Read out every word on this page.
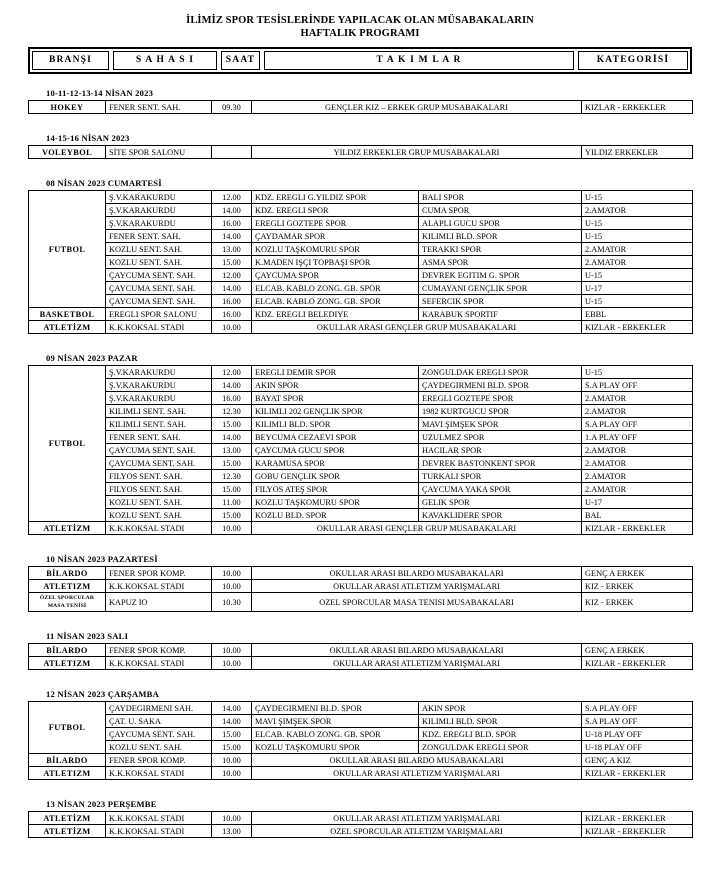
İLİMİZ SPOR TESİSLERİNDE YAPILACAK OLAN MÜSABAKALARIN
HAFTALIK PROGRAMI
BRANŞI	S A H A S I	SAAT	T A K I M L A R	KATEGORİSİ
10-11-12-13-14 NİSAN 2023
HOKEY	FENER SENT. SAH.	09.30	GENÇLER KIZ – ERKEK GRUP MUSABAKALARI	KIZLAR - ERKEKLER
14-15-16 NİSAN 2023
VOLEYBOL	SİTE SPOR SALONU		YILDIZ ERKEKLER GRUP MUSABAKALARI	YILDIZ ERKEKLER
08 NİSAN 2023 CUMARTESİ
FUTBOL	Ş.V.KARAKURDU	12.00	KDZ. EREGLI G.YILDIZ SPOR	BALI SPOR	U-15
	Ş.V.KARAKURDU	14.00	KDZ. EREGLI SPOR	CUMA SPOR	2.AMATOR
	Ş.V.KARAKURDU	16.00	EREGLI GOZTEPE SPOR	ALAPLI GUCU SPOR	U-15
	FENER SENT. SAH.	14.00	ÇAYDAMAR SPOR	KILIMLI BLD. SPOR	U-15
	KOZLU SENT. SAH.	13.00	KOZLU TAŞKOMURU SPOR	TERAKKI SPOR	2.AMATOR
	KOZLU SENT. SAH.	15.00	K.MADEN IŞÇI TOPBAŞI SPOR	ASMA SPOR	2.AMATOR
	ÇAYCUMA SENT. SAH.	12.00	ÇAYCUMA SPOR	DEVREK EGITIM G. SPOR	U-15
	ÇAYCUMA SENT. SAH.	14.00	ELCAB. KABLO ZONG. GB. SPOR	CUMAYANI GENÇLIK SPOR	U-17
	ÇAYCUMA SENT. SAH.	16.00	ELCAB. KABLO ZONG. GB. SPOR	SEFERCIK SPOR	U-15
BASKETBOL	EREGLI SPOR SALONU	16.00	KDZ. EREGLI BELEDIYE	KARABUK SPORTIF	EBBL
ATLETİZM	K.K.KOKSAL STADI	10.00	OKULLAR ARASI GENÇLER GRUP MUSABAKALARI		KIZLAR - ERKEKLER
09 NİSAN 2023 PAZAR
FUTBOL	Ş.V.KARAKURDU	12.00	EREGLI DEMIR SPOR	ZONGULDAK EREGLI SPOR	U-15
	Ş.V.KARAKURDU	14.00	AKIN SPOR	ÇAYDEGIRMENI BLD. SPOR	S.A PLAY OFF
	Ş.V.KARAKURDU	16.00	BAYAT SPOR	EREGLI GOZTEPE SPOR	2.AMATOR
	KILIMLI SENT. SAH.	12.30	KILIMLI 202 GENÇLIK SPOR	1982 KURTGUCU SPOR	2.AMATOR
	KILIMLI SENT. SAH.	15.00	KILIMLI BLD. SPOR	MAVI ŞIMŞEK SPOR	S.A PLAY OFF
	FENER SENT. SAH.	14.00	BEYCUMA CEZAEVI SPOR	UZULMEZ SPOR	1.A PLAY OFF
	ÇAYCUMA SENT. SAH.	13.00	ÇAYCUMA GUCU SPOR	HACILAR SPOR	2.AMATOR
	ÇAYCUMA SENT. SAH.	15.00	KARAMUSA SPOR	DEVREK BASTONKENT SPOR	2.AMATOR
	FILYOS SENT. SAH.	12.30	GOBU GENÇLIK SPOR	TURKALI SPOR	2.AMATOR
	FILYOS SENT. SAH.	15.00	FILYOS ATEŞ SPOR	ÇAYCUMA YAKA SPOR	2.AMATOR
	KOZLU SENT. SAH.	11.00	KOZLU TAŞKOMURU SPOR	GELIK SPOR	U-17
	KOZLU SENT. SAH.	15.00	KOZLU BLD. SPOR	KAVAKLIDERE SPOR	BAL
ATLETİZM	K.K.KOKSAL STADI	10.00	OKULLAR ARASI GENÇLER GRUP MUSABAKALARI		KIZLAR - ERKEKLER
10 NİSAN 2023 PAZARTESİ
BİLARDO	FENER SPOR KOMP.	10.00	OKULLAR ARASI BILARDO MUSABAKALARI	GENÇ A ERKEK
ATLETIZM	K.K.KOKSAL STADI	10.00	OKULLAR ARASI ATLETIZM YARIŞMALARI	KIZ - ERKEK
ÖZEL SPORCULAR MASA TENİSİ	KAPUZ IO	10.30	OZEL SPORCULAR MASA TENISI MUSABAKALARI	KIZ - ERKEK
11 NİSAN 2023 SALI
BİLARDO	FENER SPOR KOMP.	10.00	OKULLAR ARASI BILARDO MUSABAKALARI	GENÇ A ERKEK
ATLETIZM	K.K.KOKSAL STADI	10.00	OKULLAR ARASI ATLETIZM YARIŞMALARI	KIZLAR - ERKEKLER
12 NİSAN 2023 ÇARŞAMBA
FUTBOL	ÇAYDEGIRMENI SAH.	14.00	ÇAYDEGIRMENI BLD. SPOR	AKIN SPOR	S.A PLAY OFF
	ÇAT. U. SAKA	14.00	MAVI ŞIMŞEK SPOR	KILIMLI BLD. SPOR	S.A PLAY OFF
	ÇAYCUMA SENT. SAH.	15.00	ELCAB. KABLO ZONG. GB. SPOR	KDZ. EREGLI BLD. SPOR	U-18 PLAY OFF
	KOZLU SENT. SAH.	15.00	KOZLU TAŞKOMURU SPOR	ZONGULDAK EREGLI SPOR	U-18 PLAY OFF
BİLARDO	FENER SPOR KOMP.	10.00	OKULLAR ARASI BILARDO MUSABAKALARI		GENÇ A KIZ
ATLETIZM	K.K.KOKSAL STADI	10.00	OKULLAR ARASI ATLETIZM YARIŞMALARI		KIZLAR - ERKEKLER
13 NİSAN 2023 PERŞEMBE
ATLETİZM	K.K.KOKSAL STADI	10.00	OKULLAR ARASI ATLETIZM YARIŞMALARI	KIZLAR - ERKEKLER
ATLETİZM	K.K.KOKSAL STADI	13.00	OZEL SPORCULAR ATLETIZM YARIŞMALARI	KIZLAR - ERKEKLER
